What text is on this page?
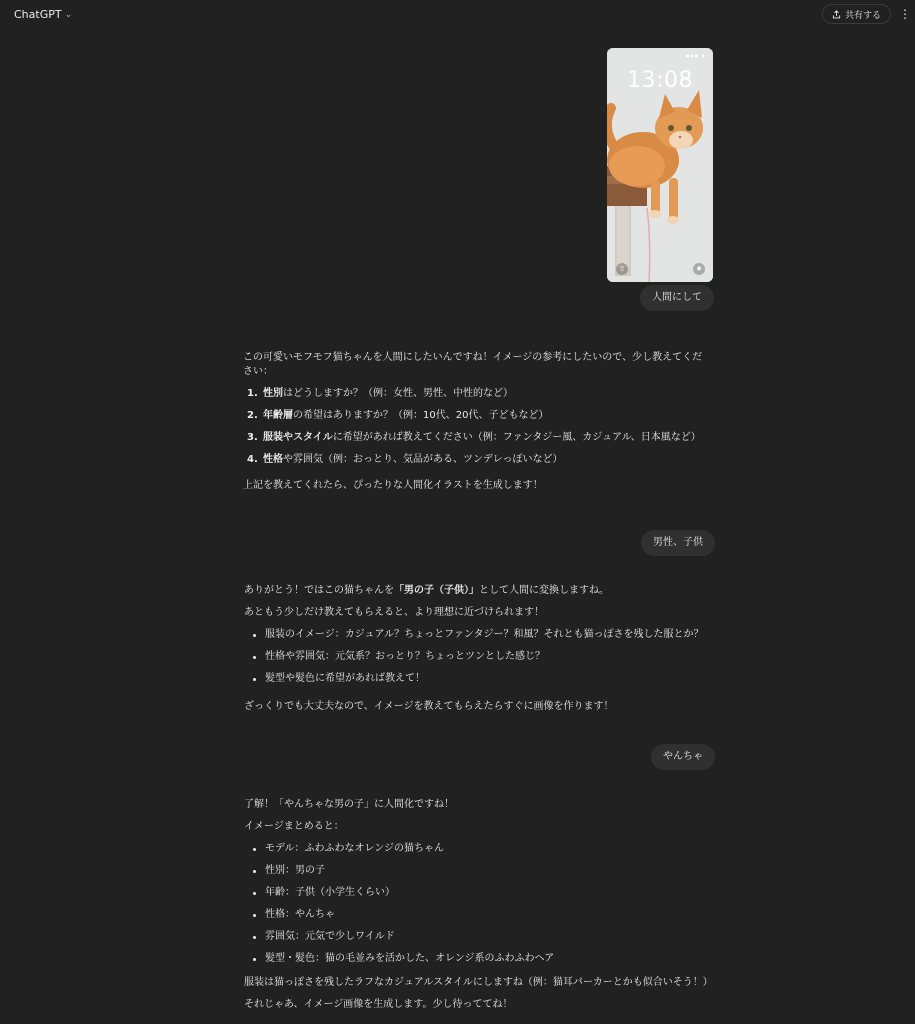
ChatGPT ⌄	共有する ⋮
●●● ▮
13:08
▯	◉
人間にして

この可愛いモフモフ猫ちゃんを人間にしたいんですね！イメージの参考にしたいので、少し教えてください：

1. 性別はどうしますか？（例：女性、男性、中性的など）
2. 年齢層の希望はありますか？（例：10代、20代、子どもなど）
3. 服装やスタイルに希望があれば教えてください（例：ファンタジー風、カジュアル、日本風など）
4. 性格や雰囲気（例：おっとり、気品がある、ツンデレっぽいなど）

上記を教えてくれたら、ぴったりな人間化イラストを生成します！

男性、子供

ありがとう！ではこの猫ちゃんを「男の子（子供）」として人間に変換しますね。

あともう少しだけ教えてもらえると、より理想に近づけられます！

服装のイメージ：カジュアル？ちょっとファンタジー？和風？それとも猫っぽさを残した服とか？
性格や雰囲気：元気系？おっとり？ちょっとツンとした感じ？
髪型や髪色に希望があれば教えて！

ざっくりでも大丈夫なので、イメージを教えてもらえたらすぐに画像を作ります！

やんちゃ

了解！「やんちゃな男の子」に人間化ですね！

イメージまとめると：

モデル：ふわふわなオレンジの猫ちゃん
性別：男の子
年齢：子供（小学生くらい）
性格：やんちゃ
雰囲気：元気で少しワイルド
髪型・髪色：猫の毛並みを活かした、オレンジ系のふわふわヘア

服装は猫っぽさを残したラフなカジュアルスタイルにしますね（例：猫耳パーカーとかも似合いそう！）

それじゃあ、イメージ画像を生成します。少し待っててね！
